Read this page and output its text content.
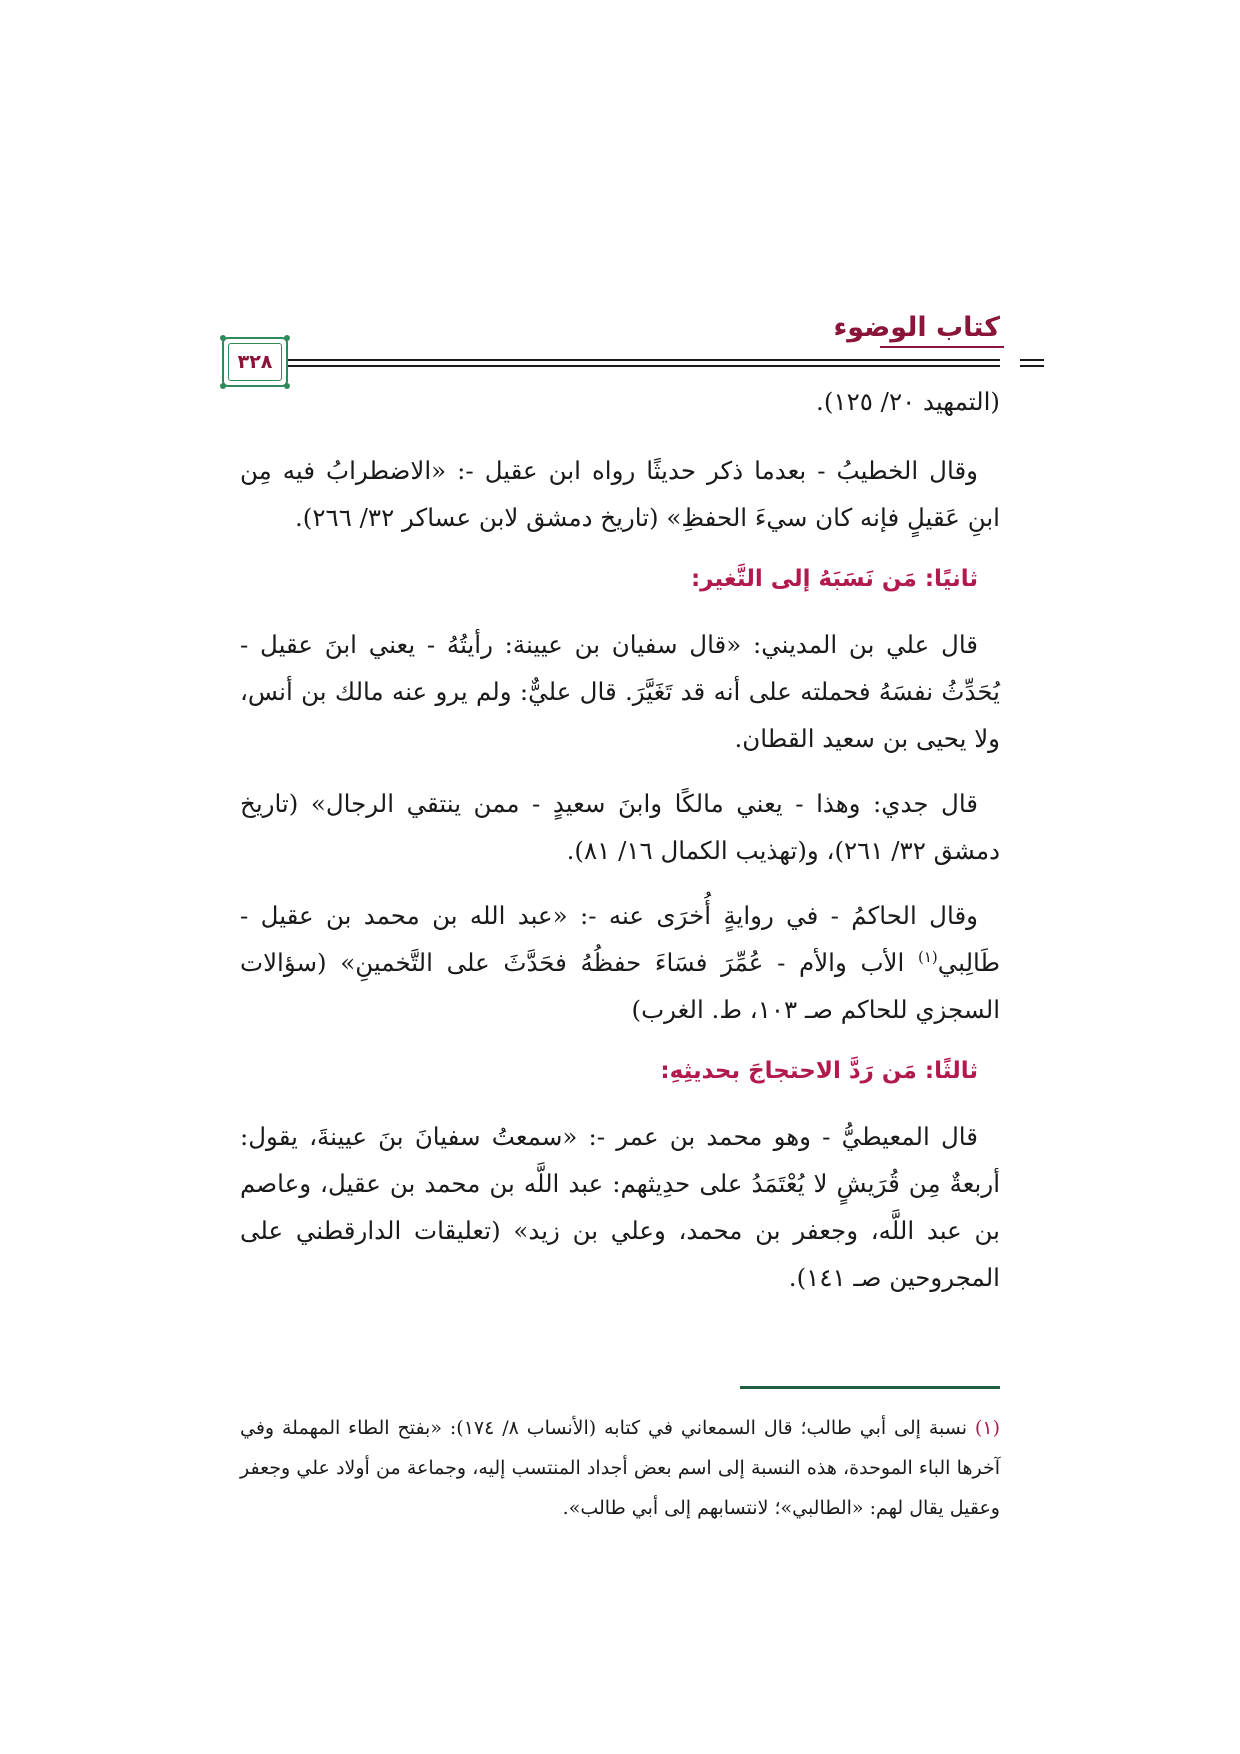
كتاب الوضوء
٣٢٨

(التمهيد ٢٠/ ١٢٥).

وقال الخطيبُ - بعدما ذكر حديثًا رواه ابن عقيل -: «الاضطرابُ فيه مِن ابنِ عَقيلٍ فإنه كان سيءَ الحفظِ» (تاريخ دمشق لابن عساكر ٣٢/ ٢٦٦).

ثانيًا: مَن نَسَبَهُ إلى التَّغير:

قال علي بن المديني: «قال سفيان بن عيينة: رأيتُهُ - يعني ابنَ عقيل - يُحَدِّثُ نفسَهُ فحملته على أنه قد تَغَيَّرَ. قال عليٌّ: ولم يرو عنه مالك بن أنس، ولا يحيى بن سعيد القطان.

قال جدي: وهذا - يعني مالكًا وابنَ سعيدٍ - ممن ينتقي الرجال» (تاريخ دمشق ٣٢/ ٢٦١)، و(تهذيب الكمال ١٦/ ٨١).

وقال الحاكمُ - في روايةٍ أُخرَى عنه -: «عبد الله بن محمد بن عقيل - طَالِبي$^{(١)}$ الأب والأم - عُمِّرَ فسَاءَ حفظُهُ فحَدَّثَ على التَّخمينِ» (سؤالات السجزي للحاكم صـ ١٠٣، ط. الغرب)

ثالثًا: مَن رَدَّ الاحتجاجَ بحديثِهِ:

قال المعيطيُّ - وهو محمد بن عمر -: «سمعتُ سفيانَ بنَ عيينةَ، يقول: أربعةٌ مِن قُرَيشٍ لا يُعْتَمَدُ على حدِيثهم: عبد اللَّه بن محمد بن عقيل، وعاصم بن عبد اللَّه، وجعفر بن محمد، وعلي بن زيد» (تعليقات الدارقطني على المجروحين صـ ١٤١).

(١) نسبة إلى أبي طالب؛ قال السمعاني في كتابه (الأنساب ٨/ ١٧٤): «بفتح الطاء المهملة وفي آخرها الباء الموحدة، هذه النسبة إلى اسم بعض أجداد المنتسب إليه، وجماعة من أولاد علي وجعفر وعقيل يقال لهم: «الطالبي»؛ لانتسابهم إلى أبي طالب».
